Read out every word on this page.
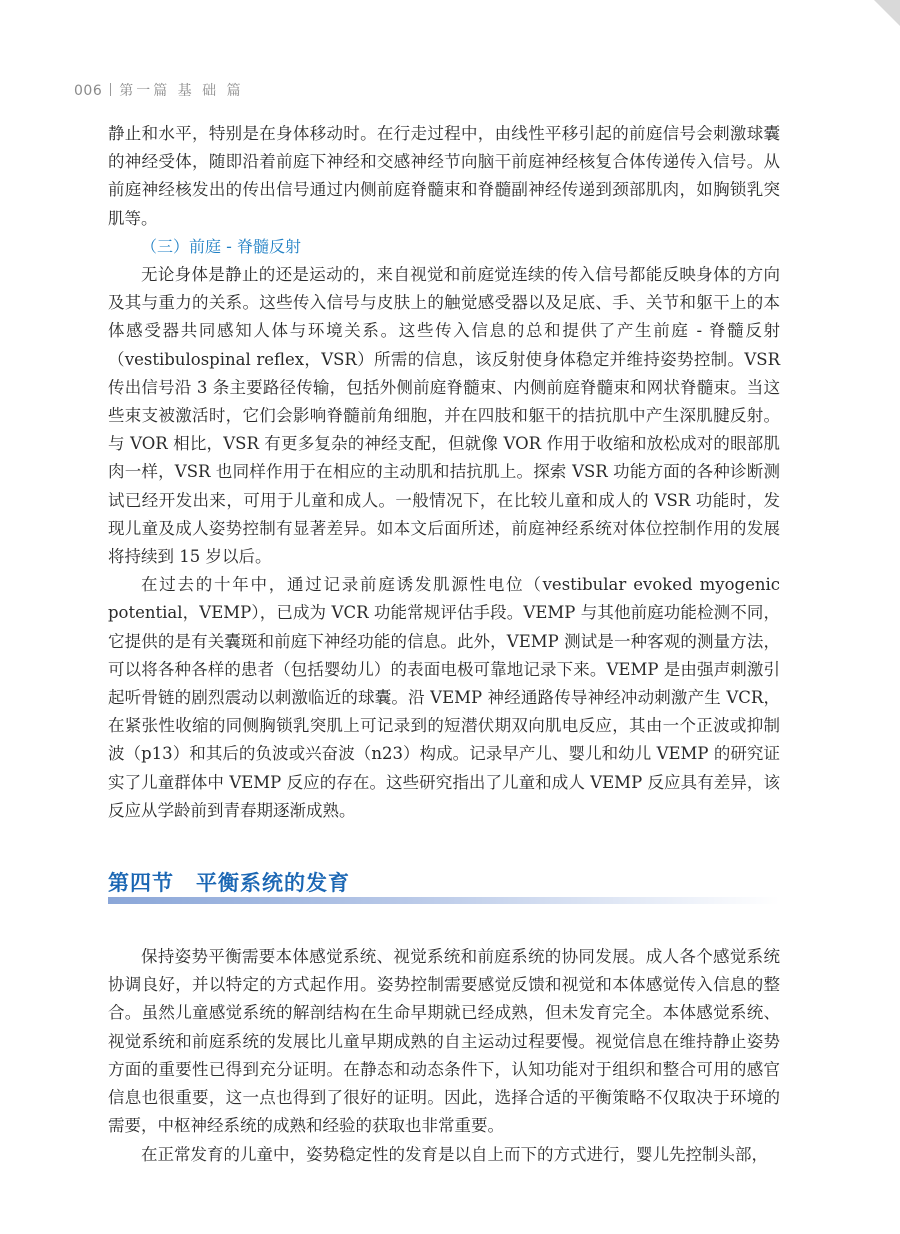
006 第一篇 基 础 篇

静止和水平，特别是在身体移动时。在行走过程中，由线性平移引起的前庭信号会刺激球囊的神经受体，随即沿着前庭下神经和交感神经节向脑干前庭神经核复合体传递传入信号。从前庭神经核发出的传出信号通过内侧前庭脊髓束和脊髓副神经传递到颈部肌肉，如胸锁乳突肌等。

（三）前庭 - 脊髓反射

无论身体是静止的还是运动的，来自视觉和前庭觉连续的传入信号都能反映身体的方向及其与重力的关系。这些传入信号与皮肤上的触觉感受器以及足底、手、关节和躯干上的本体感受器共同感知人体与环境关系。这些传入信息的总和提供了产生前庭 - 脊髓反射（vestibulospinal reflex，VSR）所需的信息，该反射使身体稳定并维持姿势控制。VSR 传出信号沿 3 条主要路径传输，包括外侧前庭脊髓束、内侧前庭脊髓束和网状脊髓束。当这些束支被激活时，它们会影响脊髓前角细胞，并在四肢和躯干的拮抗肌中产生深肌腱反射。与 VOR 相比，VSR 有更多复杂的神经支配，但就像 VOR 作用于收缩和放松成对的眼部肌肉一样，VSR 也同样作用于在相应的主动肌和拮抗肌上。探索 VSR 功能方面的各种诊断测试已经开发出来，可用于儿童和成人。一般情况下，在比较儿童和成人的 VSR 功能时，发现儿童及成人姿势控制有显著差异。如本文后面所述，前庭神经系统对体位控制作用的发展将持续到 15 岁以后。

在过去的十年中，通过记录前庭诱发肌源性电位（vestibular evoked myogenic potential，VEMP），已成为 VCR 功能常规评估手段。VEMP 与其他前庭功能检测不同，它提供的是有关囊斑和前庭下神经功能的信息。此外，VEMP 测试是一种客观的测量方法，可以将各种各样的患者（包括婴幼儿）的表面电极可靠地记录下来。VEMP 是由强声刺激引起听骨链的剧烈震动以刺激临近的球囊。沿 VEMP 神经通路传导神经冲动刺激产生 VCR，在紧张性收缩的同侧胸锁乳突肌上可记录到的短潜伏期双向肌电反应，其由一个正波或抑制波（p13）和其后的负波或兴奋波（n23）构成。记录早产儿、婴儿和幼儿 VEMP 的研究证实了儿童群体中 VEMP 反应的存在。这些研究指出了儿童和成人 VEMP 反应具有差异，该反应从学龄前到青春期逐渐成熟。

第四节 平衡系统的发育

保持姿势平衡需要本体感觉系统、视觉系统和前庭系统的协同发展。成人各个感觉系统协调良好，并以特定的方式起作用。姿势控制需要感觉反馈和视觉和本体感觉传入信息的整合。虽然儿童感觉系统的解剖结构在生命早期就已经成熟，但未发育完全。本体感觉系统、视觉系统和前庭系统的发展比儿童早期成熟的自主运动过程要慢。视觉信息在维持静止姿势方面的重要性已得到充分证明。在静态和动态条件下，认知功能对于组织和整合可用的感官信息也很重要，这一点也得到了很好的证明。因此，选择合适的平衡策略不仅取决于环境的需要，中枢神经系统的成熟和经验的获取也非常重要。

在正常发育的儿童中，姿势稳定性的发育是以自上而下的方式进行，婴儿先控制头部，
